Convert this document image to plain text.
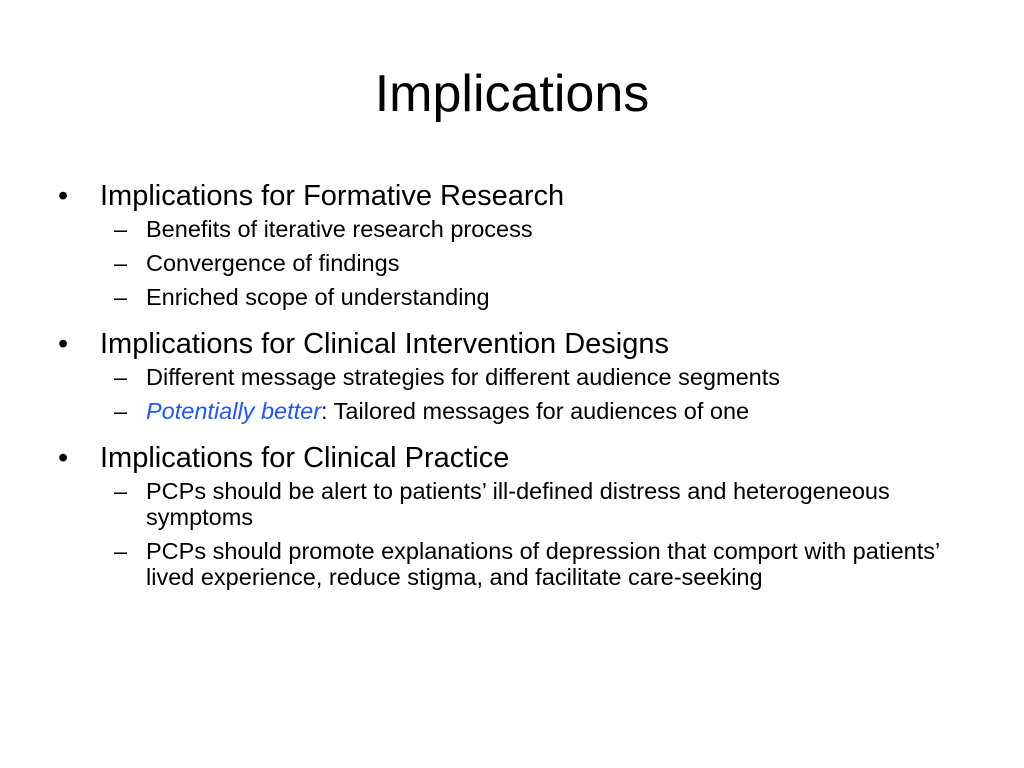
Implications
•	Implications for Formative Research
– Benefits of iterative research process
– Convergence of findings
– Enriched scope of understanding
•	Implications for Clinical Intervention Designs
– Different message strategies for different audience segments
– Potentially better: Tailored messages for audiences of one
•	Implications for Clinical Practice
– PCPs should be alert to patients’ ill-defined distress and heterogeneous symptoms
– PCPs should promote explanations of depression that comport with patients’ lived experience, reduce stigma, and facilitate care-seeking
